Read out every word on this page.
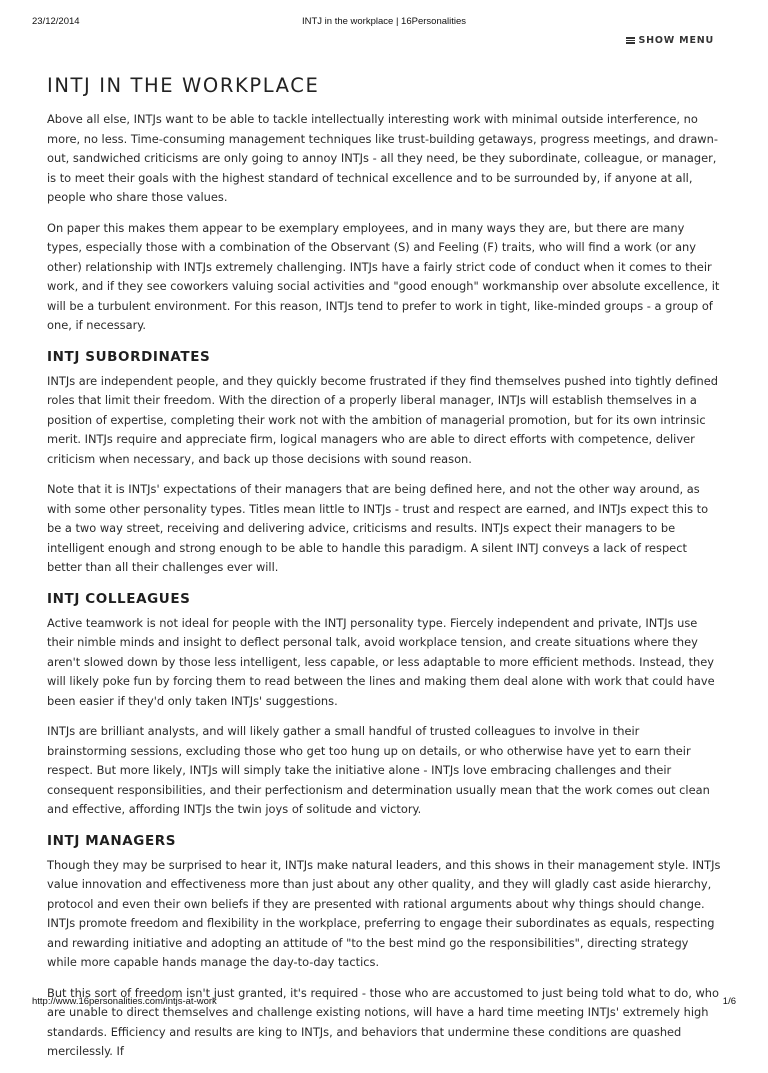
23/12/2014	INTJ in the workplace | 16Personalities
SHOW MENU
INTJ IN THE WORKPLACE

Above all else, INTJs want to be able to tackle intellectually interesting work with minimal outside interference, no more, no less. Time-consuming management techniques like trust-building getaways, progress meetings, and drawn-out, sandwiched criticisms are only going to annoy INTJs - all they need, be they subordinate, colleague, or manager, is to meet their goals with the highest standard of technical excellence and to be surrounded by, if anyone at all, people who share those values.

On paper this makes them appear to be exemplary employees, and in many ways they are, but there are many types, especially those with a combination of the Observant (S) and Feeling (F) traits, who will find a work (or any other) relationship with INTJs extremely challenging. INTJs have a fairly strict code of conduct when it comes to their work, and if they see coworkers valuing social activities and "good enough" workmanship over absolute excellence, it will be a turbulent environment. For this reason, INTJs tend to prefer to work in tight, like-minded groups - a group of one, if necessary.

INTJ SUBORDINATES

INTJs are independent people, and they quickly become frustrated if they find themselves pushed into tightly defined roles that limit their freedom. With the direction of a properly liberal manager, INTJs will establish themselves in a position of expertise, completing their work not with the ambition of managerial promotion, but for its own intrinsic merit. INTJs require and appreciate firm, logical managers who are able to direct efforts with competence, deliver criticism when necessary, and back up those decisions with sound reason.

Note that it is INTJs' expectations of their managers that are being defined here, and not the other way around, as with some other personality types. Titles mean little to INTJs - trust and respect are earned, and INTJs expect this to be a two way street, receiving and delivering advice, criticisms and results. INTJs expect their managers to be intelligent enough and strong enough to be able to handle this paradigm. A silent INTJ conveys a lack of respect better than all their challenges ever will.

INTJ COLLEAGUES

Active teamwork is not ideal for people with the INTJ personality type. Fiercely independent and private, INTJs use their nimble minds and insight to deflect personal talk, avoid workplace tension, and create situations where they aren't slowed down by those less intelligent, less capable, or less adaptable to more efficient methods. Instead, they will likely poke fun by forcing them to read between the lines and making them deal alone with work that could have been easier if they'd only taken INTJs' suggestions.

INTJs are brilliant analysts, and will likely gather a small handful of trusted colleagues to involve in their brainstorming sessions, excluding those who get too hung up on details, or who otherwise have yet to earn their respect. But more likely, INTJs will simply take the initiative alone - INTJs love embracing challenges and their consequent responsibilities, and their perfectionism and determination usually mean that the work comes out clean and effective, affording INTJs the twin joys of solitude and victory.

INTJ MANAGERS

Though they may be surprised to hear it, INTJs make natural leaders, and this shows in their management style. INTJs value innovation and effectiveness more than just about any other quality, and they will gladly cast aside hierarchy, protocol and even their own beliefs if they are presented with rational arguments about why things should change. INTJs promote freedom and flexibility in the workplace, preferring to engage their subordinates as equals, respecting and rewarding initiative and adopting an attitude of "to the best mind go the responsibilities", directing strategy while more capable hands manage the day-to-day tactics.

But this sort of freedom isn't just granted, it's required - those who are accustomed to just being told what to do, who are unable to direct themselves and challenge existing notions, will have a hard time meeting INTJs' extremely high standards. Efficiency and results are king to INTJs, and behaviors that undermine these conditions are quashed mercilessly. If

http://www.16personalities.com/intjs-at-work	1/6
